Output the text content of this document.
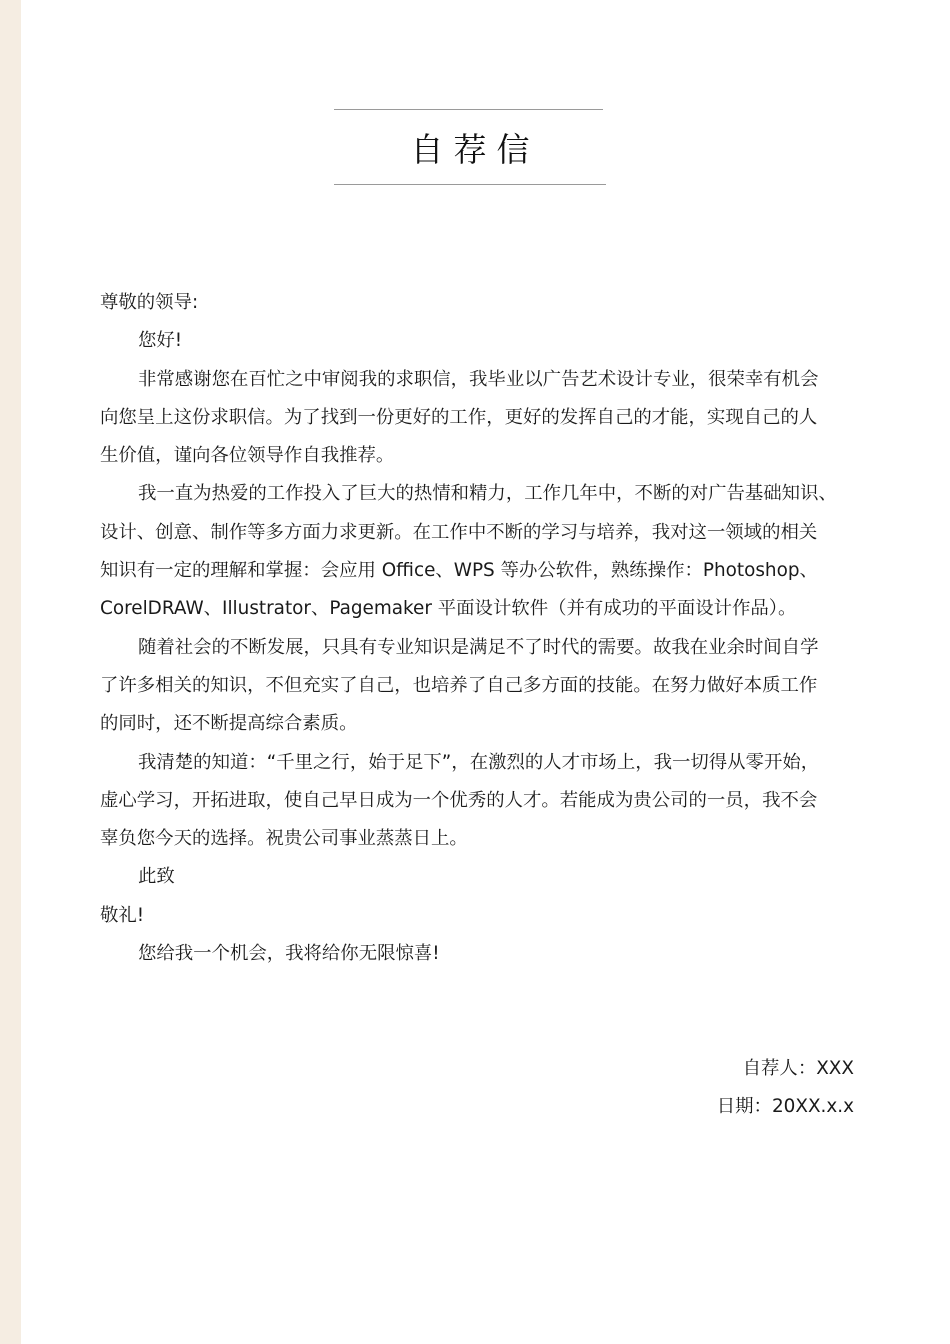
自荐信
尊敬的领导:
您好!
非常感谢您在百忙之中审阅我的求职信，我毕业以广告艺术设计专业，很荣幸有机会
向您呈上这份求职信。为了找到一份更好的工作，更好的发挥自己的才能，实现自己的人
生价值，谨向各位领导作自我推荐。
我一直为热爱的工作投入了巨大的热情和精力，工作几年中，不断的对广告基础知识、
设计、创意、制作等多方面力求更新。在工作中不断的学习与培养，我对这一领域的相关
知识有一定的理解和掌握：会应用 Office、WPS 等办公软件，熟练操作：Photoshop、
CorelDRAW、Illustrator、Pagemaker 平面设计软件（并有成功的平面设计作品）。
随着社会的不断发展，只具有专业知识是满足不了时代的需要。故我在业余时间自学
了许多相关的知识，不但充实了自己，也培养了自己多方面的技能。在努力做好本质工作
的同时，还不断提高综合素质。
我清楚的知道：“千里之行，始于足下”，在激烈的人才市场上，我一切得从零开始，
虚心学习，开拓进取，使自己早日成为一个优秀的人才。若能成为贵公司的一员，我不会
辜负您今天的选择。祝贵公司事业蒸蒸日上。
此致
敬礼!
您给我一个机会，我将给你无限惊喜!
自荐人：XXX
日期：20XX.x.x
